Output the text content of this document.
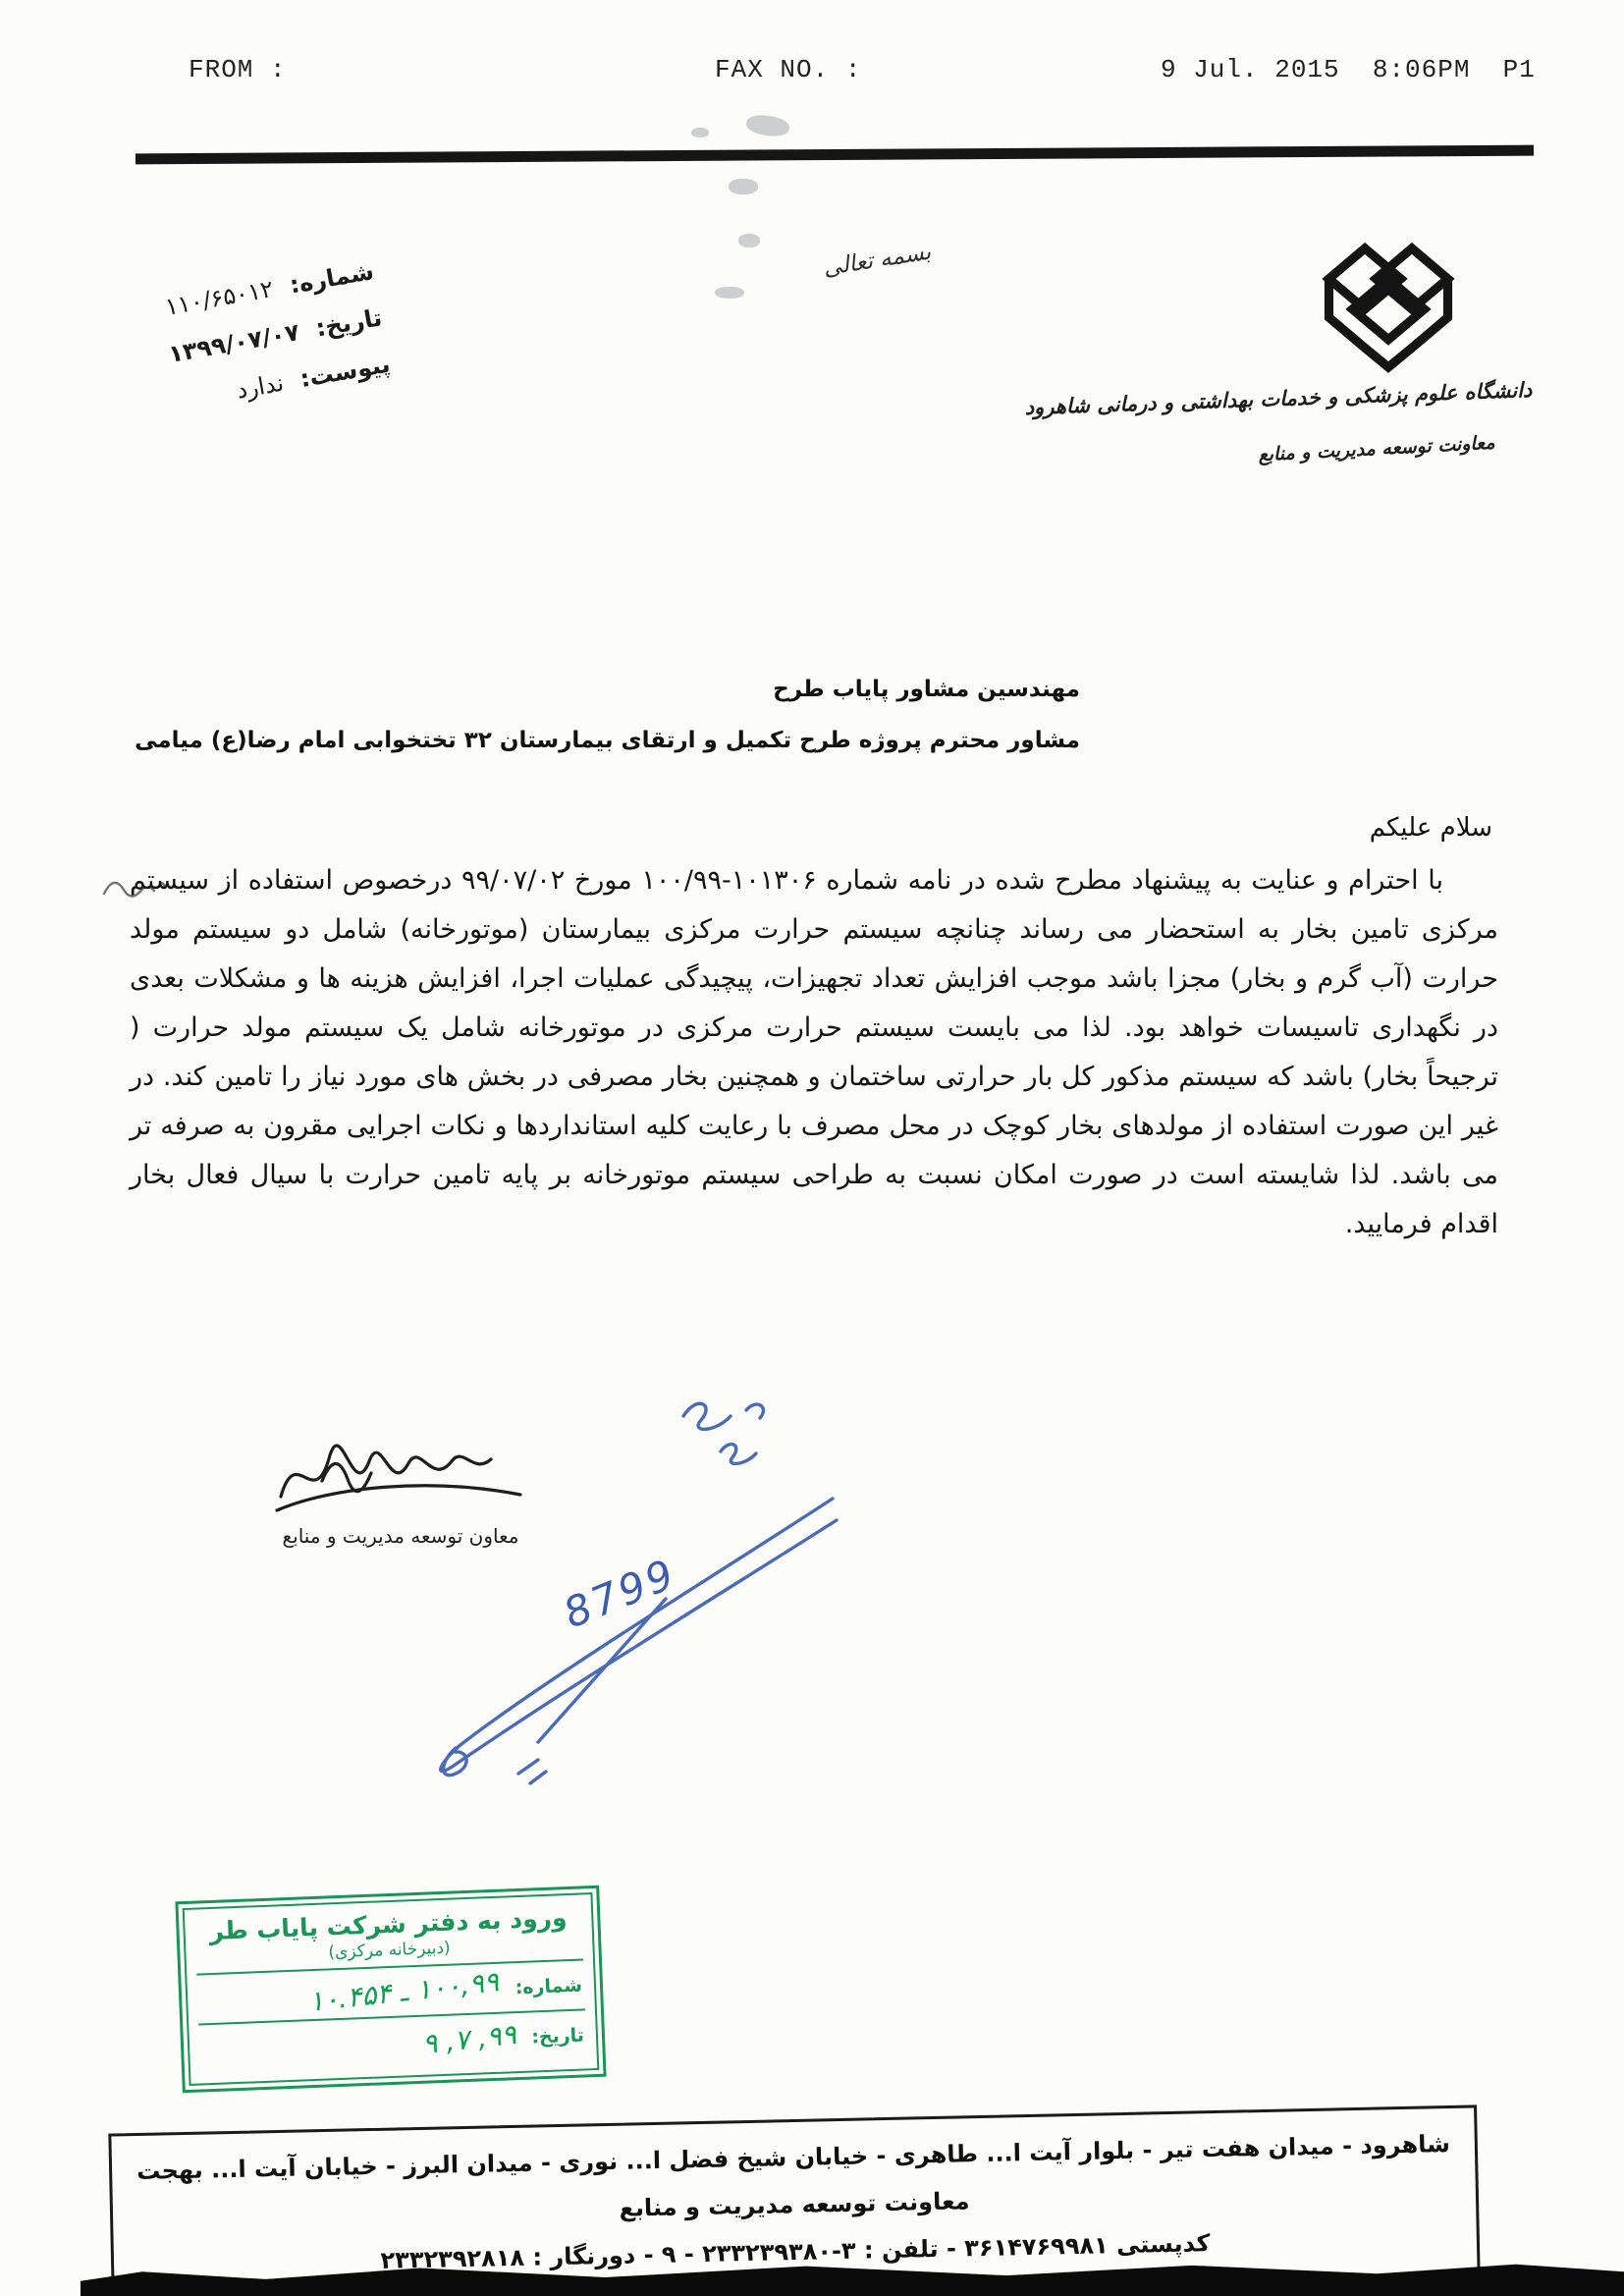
FROM :	FAX NO. :	9 Jul. 2015  8:06PM  P1
بسمه تعالی
دانشگاه علوم پزشکی و خدمات بهداشتی و درمانی شاهرود
معاونت توسعه مدیریت و منابع
شماره: ۱۱۰/۶۵۰۱۲
تاریخ: ۱۳۹۹/۰۷/۰۷
پیوست: ندارد
مهندسین مشاور پایاب طرح
مشاور محترم پروژه طرح تکمیل و ارتقای بیمارستان ۳۲ تختخوابی امام رضا(ع) میامی
سلام علیکم

با احترام و عنایت به پیشنهاد مطرح شده در نامه شماره ۱۰۱۳۰۶-۱۰۰/۹۹ مورخ ۹۹/۰۷/۰۲ درخصوص استفاده از سیستم مرکزی تامین بخار به استحضار می رساند چنانچه سیستم حرارت مرکزی بیمارستان (موتورخانه) شامل دو سیستم مولد حرارت (آب گرم و بخار) مجزا باشد موجب افزایش تعداد تجهیزات، پیچیدگی عملیات اجرا، افزایش هزینه ها و مشکلات بعدی در نگهداری تاسیسات خواهد بود. لذا می بایست سیستم حرارت مرکزی در موتورخانه شامل یک سیستم مولد حرارت ( ترجیحاً بخار) باشد که سیستم مذکور کل بار حرارتی ساختمان و همچنین بخار مصرفی در بخش های مورد نیاز را تامین کند. در غیر این صورت استفاده از مولدهای بخار کوچک در محل مصرف با رعایت کلیه استانداردها و نکات اجرایی مقرون به صرفه تر می باشد. لذا شایسته است در صورت امکان نسبت به طراحی سیستم موتورخانه بر پایه تامین حرارت با سیال فعال بخار اقدام فرمایید.

معاون توسعه مدیریت و منابع
8799
ورود به دفتر شرکت پایاب طر
(دبیرخانه مرکزی)
شماره:
۱۰۰,۹۹ ـ ۱۰.۴۵۴
تاریخ:
۹۹, ۷, ۹
شاهرود - میدان هفت تیر - بلوار آیت ا... طاهری - خیابان شیخ فضل ا... نوری - میدان البرز - خیابان آیت ا... بهجت معاونت توسعه مدیریت و منابع
کدپستی ۳۶۱۴۷۶۹۹۸۱ - تلفن : ۳-۲۳۳۲۳۹۳۸۰ - ۹ - دورنگار : ۲۳۳۲۳۹۲۸۱۸
